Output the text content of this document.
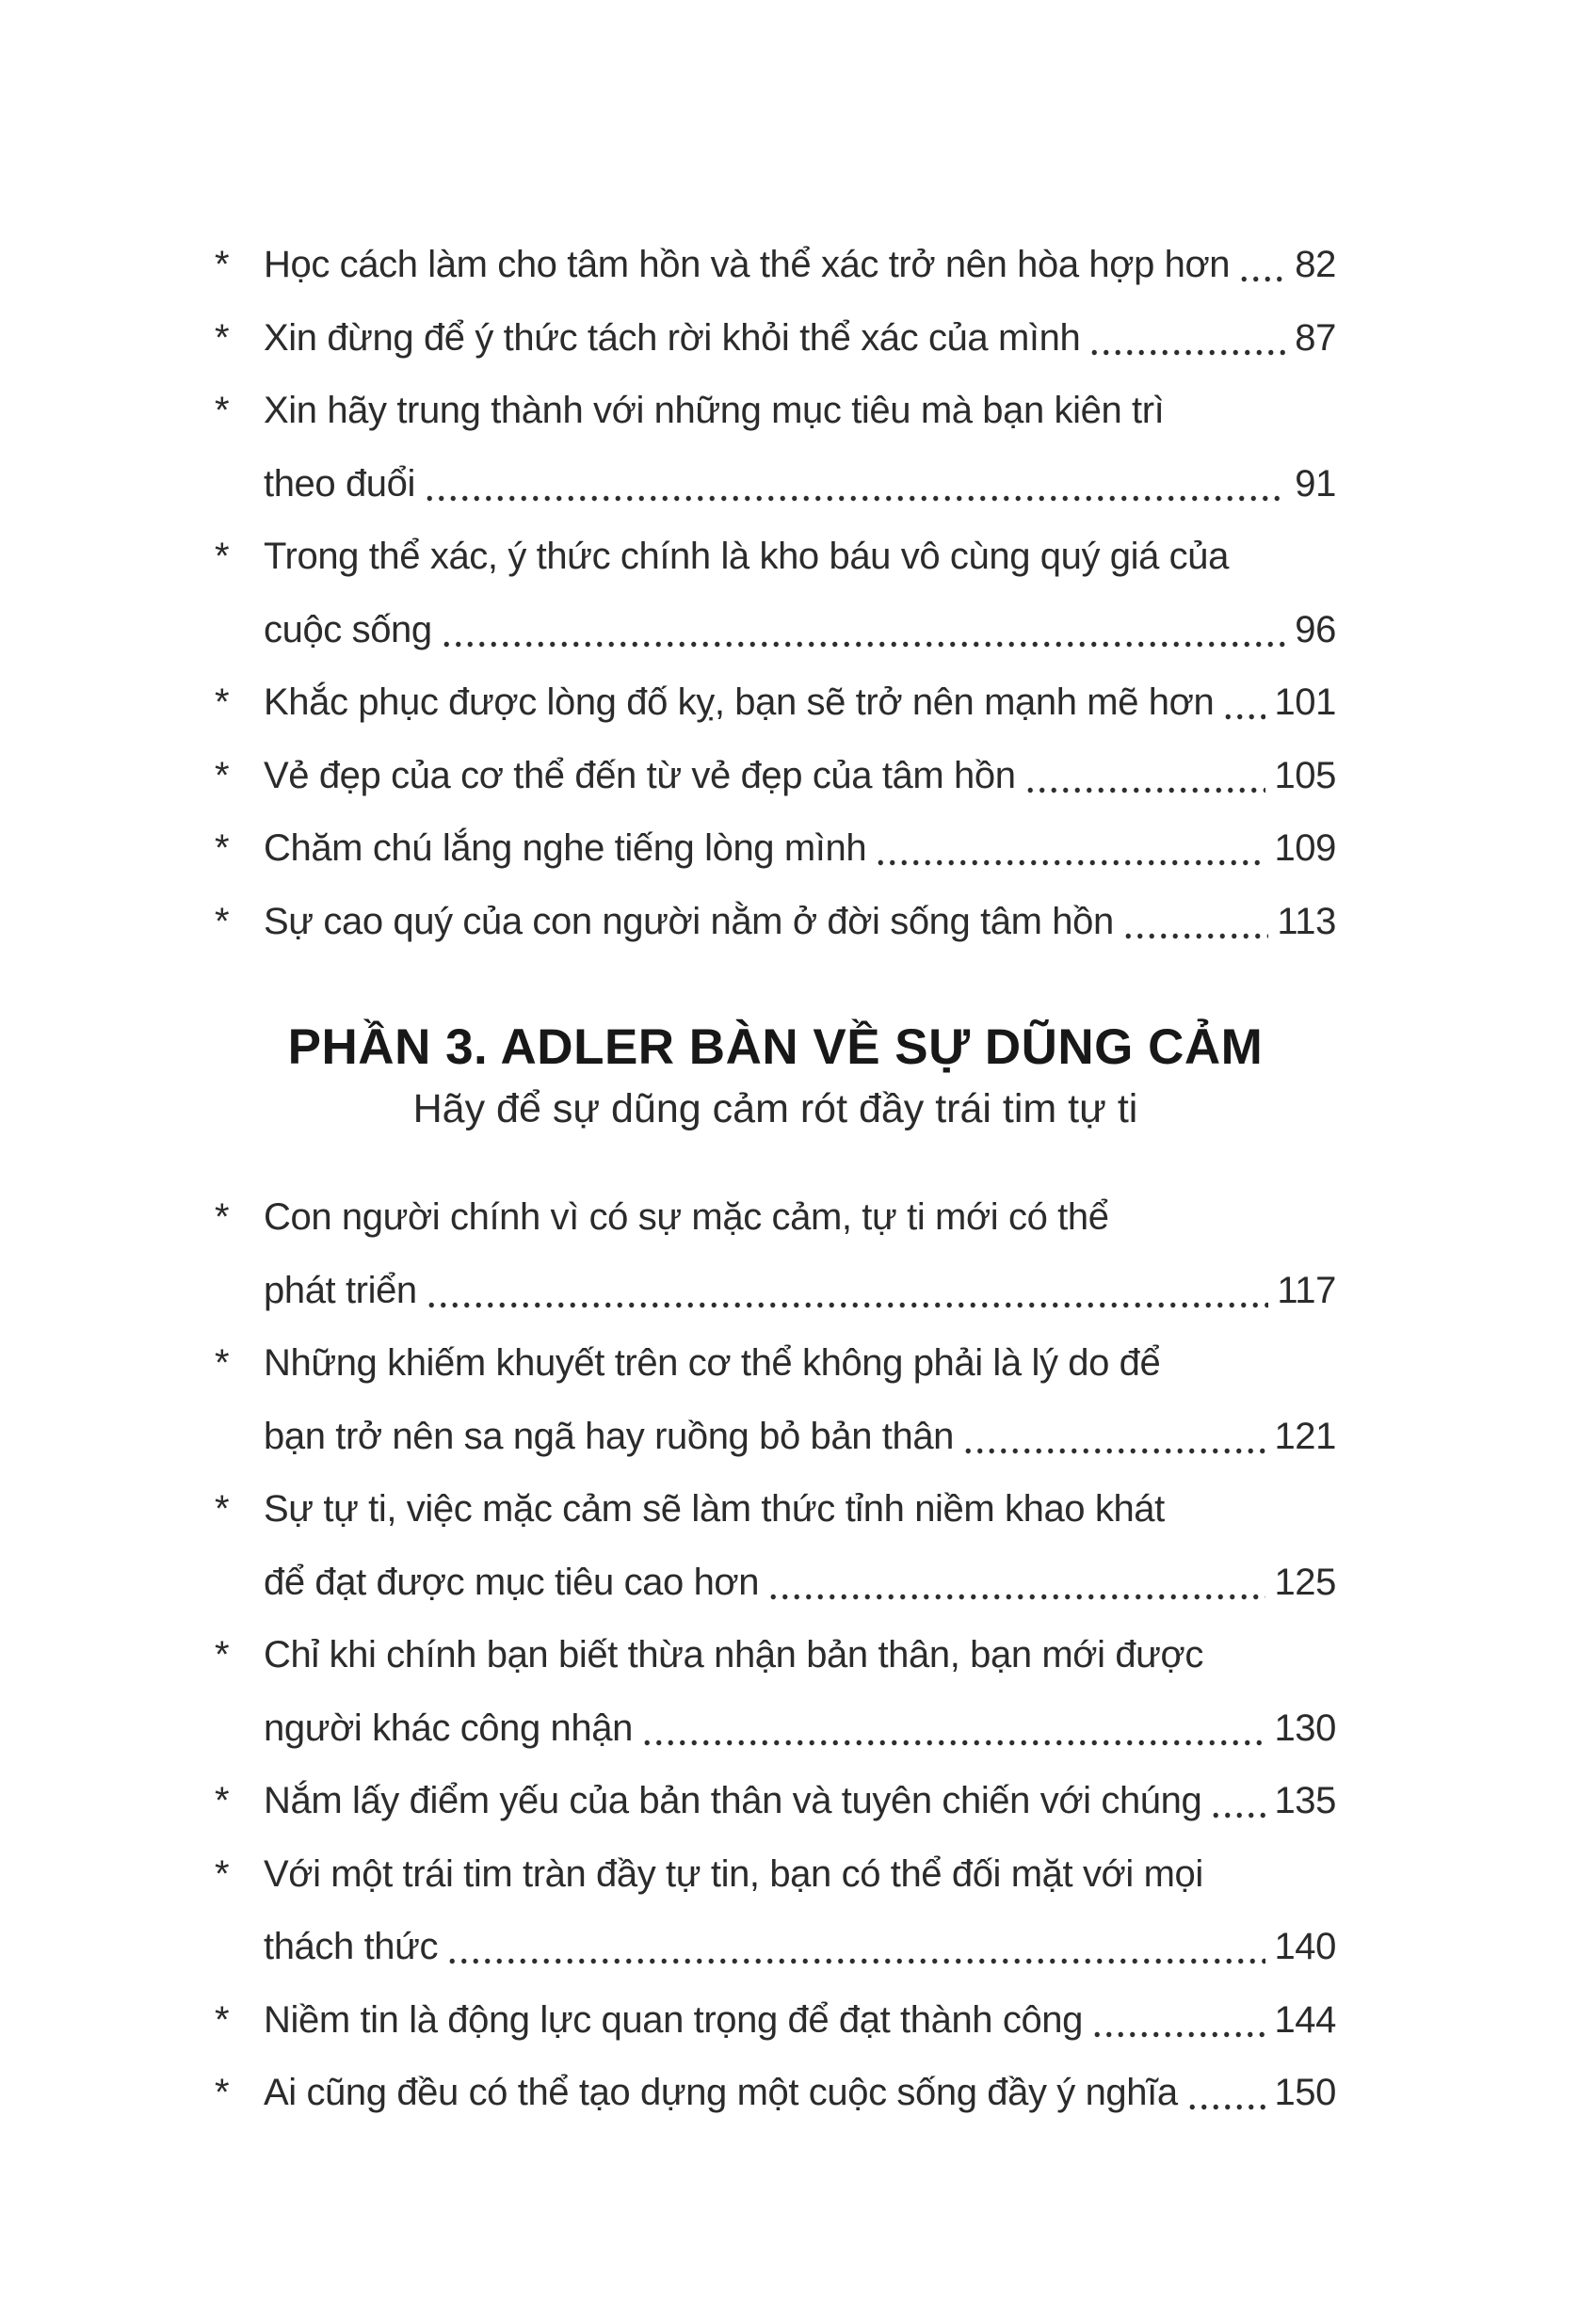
* Học cách làm cho tâm hồn và thể xác trở nên hòa hợp hơn 82
* Xin đừng để ý thức tách rời khỏi thể xác của mình	87
* Xin hãy trung thành với những mục tiêu mà bạn kiên trì
theo đuổi	91
* Trong thể xác, ý thức chính là kho báu vô cùng quý giá của
cuộc sống	96
* Khắc phục được lòng đố kỵ, bạn sẽ trở nên mạnh mẽ hơn 101
* Vẻ đẹp của cơ thể đến từ vẻ đẹp của tâm hồn	105
* Chăm chú lắng nghe tiếng lòng mình	109
* Sự cao quý của con người nằm ở đời sống tâm hồn	113
PHẦN 3. ADLER BÀN VỀ SỰ DŨNG CẢM
Hãy để sự dũng cảm rót đầy trái tim tự ti
* Con người chính vì có sự mặc cảm, tự ti mới có thể
phát triển	117
* Những khiếm khuyết trên cơ thể không phải là lý do để
bạn trở nên sa ngã hay ruồng bỏ bản thân	121
* Sự tự ti, việc mặc cảm sẽ làm thức tỉnh niềm khao khát
để đạt được mục tiêu cao hơn	125
* Chỉ khi chính bạn biết thừa nhận bản thân, bạn mới được
người khác công nhận	130
* Nắm lấy điểm yếu của bản thân và tuyên chiến với chúng 135
* Với một trái tim tràn đầy tự tin, bạn có thể đối mặt với mọi
thách thức	140
* Niềm tin là động lực quan trọng để đạt thành công	144
* Ai cũng đều có thể tạo dựng một cuộc sống đầy ý nghĩa	150
